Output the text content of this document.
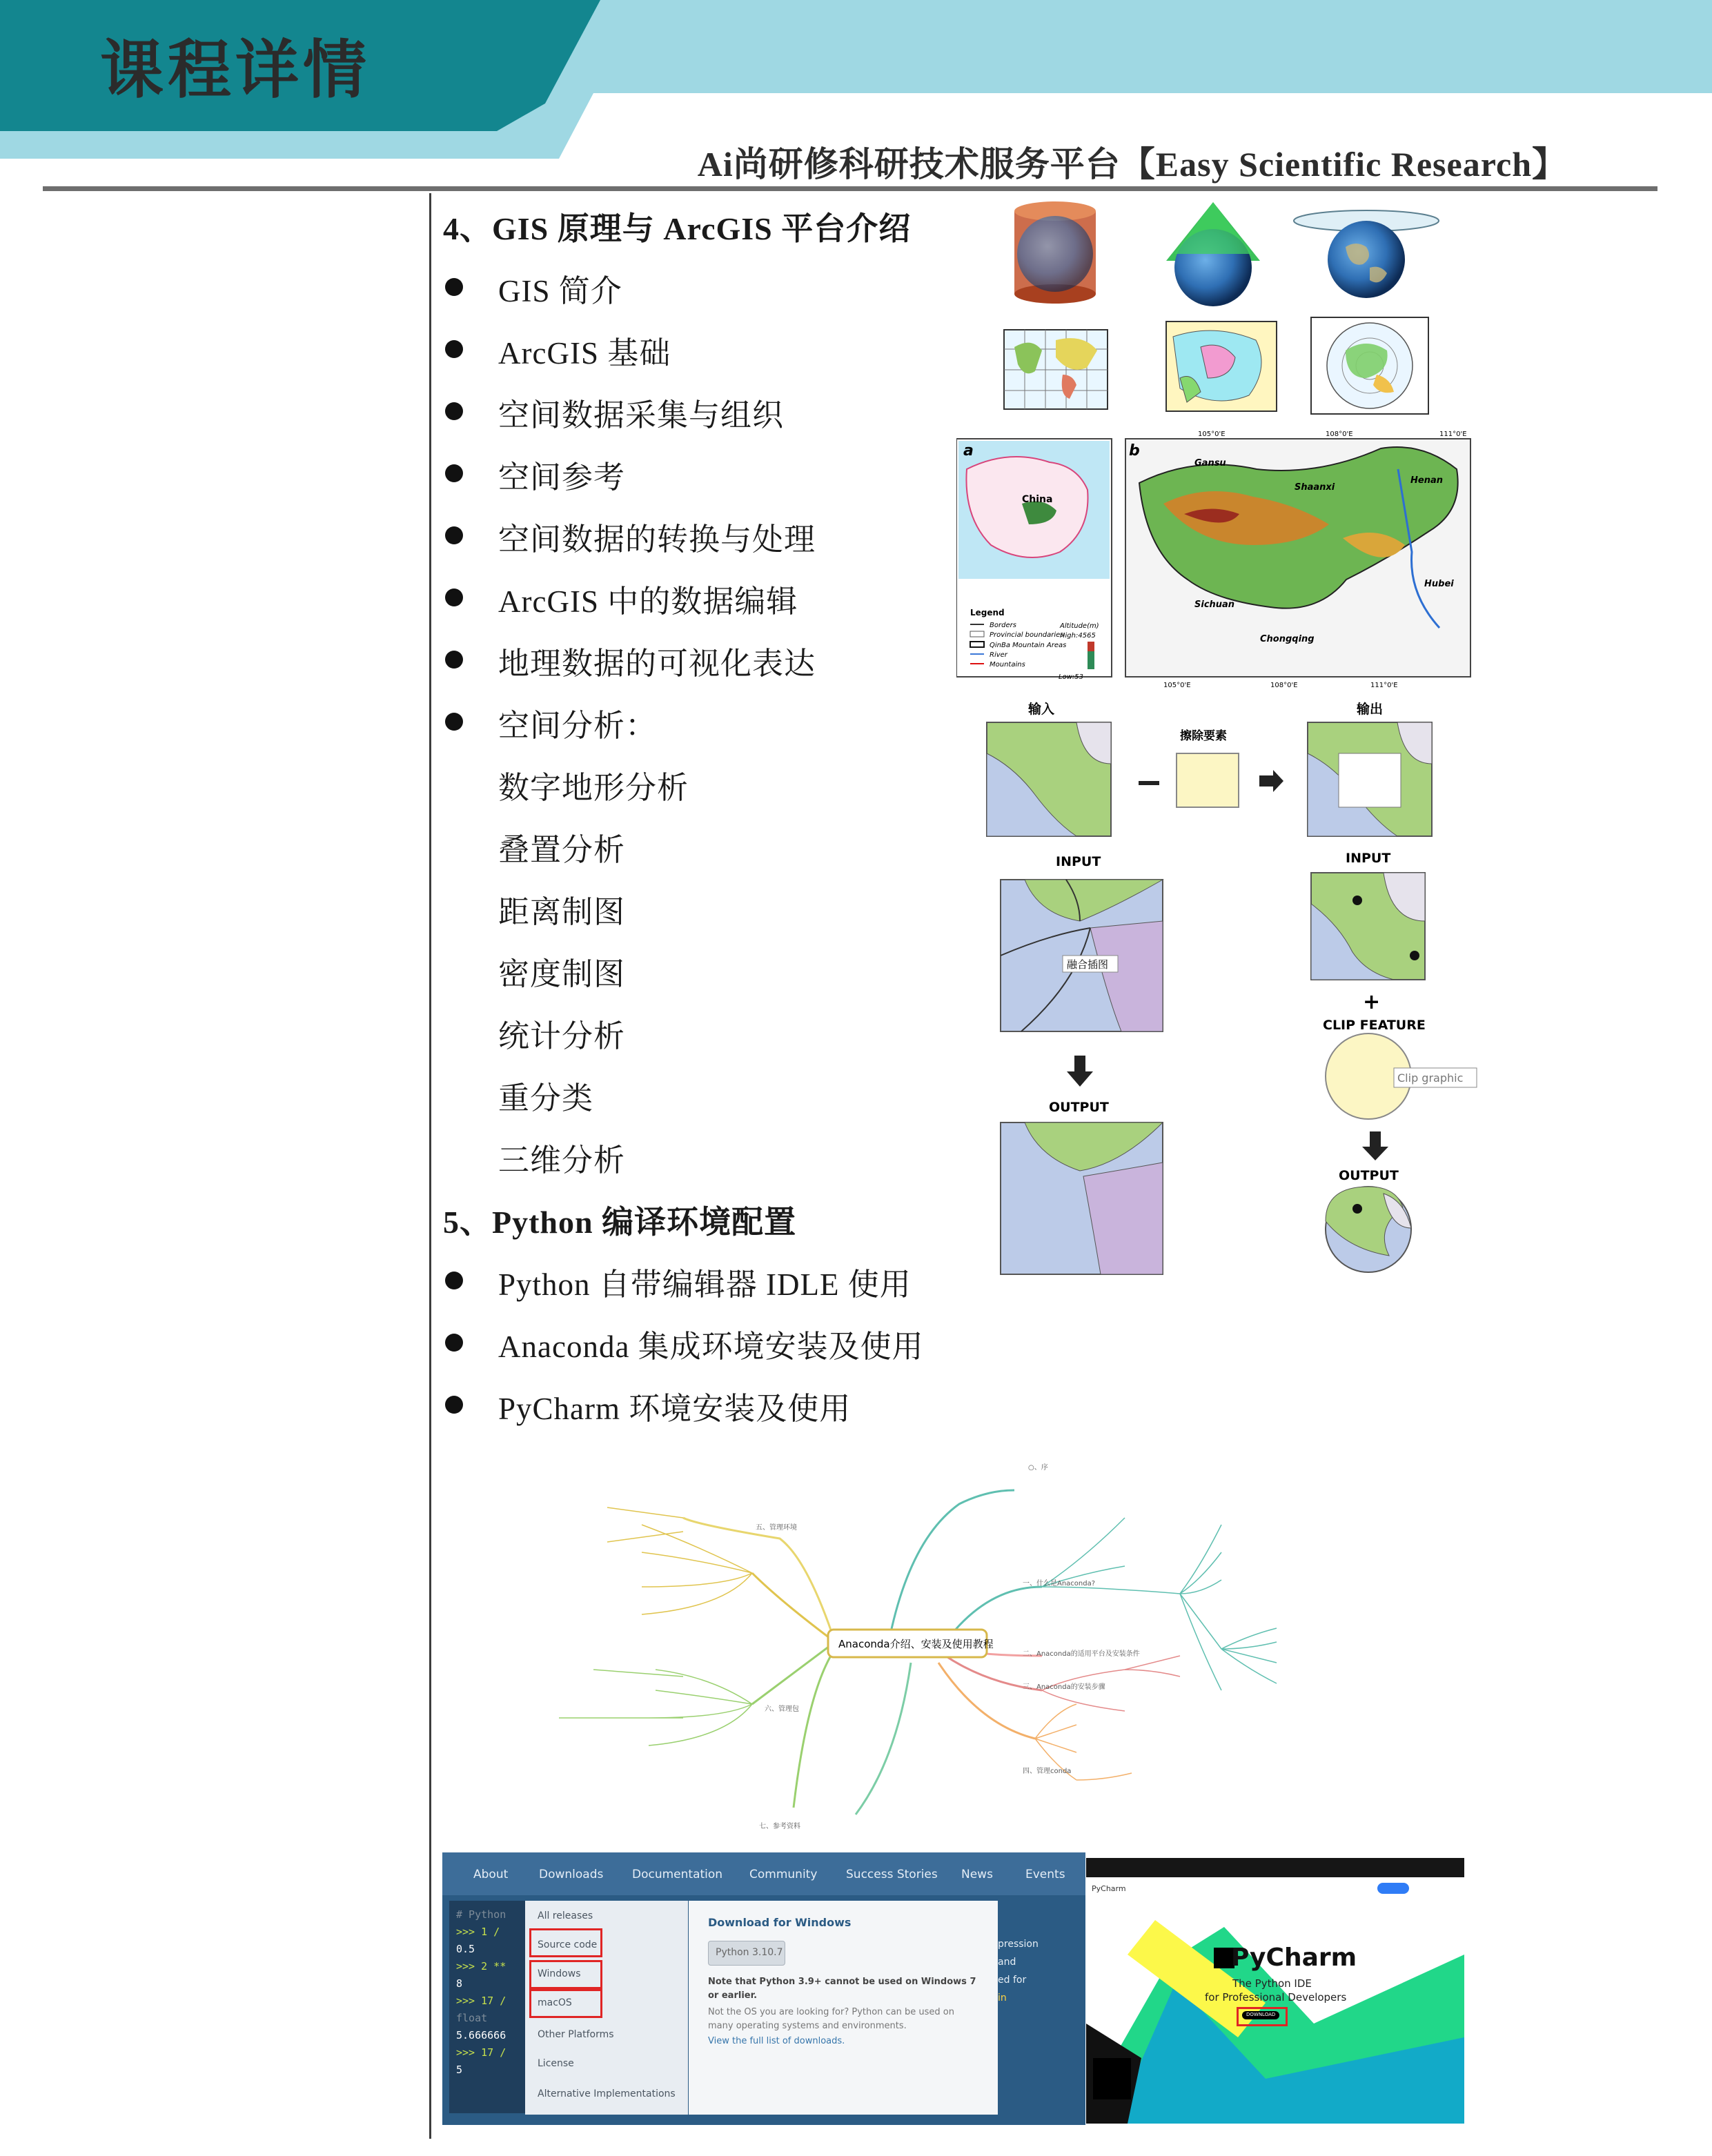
课程详情
Ai尚研修科研技术服务平台【Easy Scientific Research】
4、GIS 原理与 ArcGIS 平台介绍
GIS 简介
ArcGIS 基础
空间数据采集与组织
空间参考
空间数据的转换与处理
ArcGIS 中的数据编辑
地理数据的可视化表达
空间分析：
数字地形分析
叠置分析
距离制图
密度制图
统计分析
重分类
三维分析
5、Python 编译环境配置
Python 自带编辑器 IDLE 使用
Anaconda 集成环境安装及使用
PyCharm 环境安装及使用
a
China
Legend
Borders
Provincial boundaries
QinBa Mountain Areas
River
Mountains
Altitude(m)
High:4565
Low:53
b
Gansu
Shaanxi
Henan
Hubei
Sichuan
Chongqing
105°0'E	108°0'E	111°0'E
105°0'E	108°0'E	111°0'E
输入	输出
擦除要素
INPUT
融合插图
OUTPUT
INPUT
+
CLIP FEATURE
Clip graphic
OUTPUT
Anaconda介绍、安装及使用教程
一、什么是Anaconda?
二、Anaconda的适用平台及安装条件
三、Anaconda的安装步骤
四、管理conda
五、管理环境
六、管理包
七、参考资料
○、序
About	Downloads Documentation Community Success Stories News	Events
# Python
>>> 1 /
0.5
>>> 2 **
8
>>> 17 /
float
5.666666
>>> 17 /
5
All releases
Source code
Windows
macOS
Other Platforms
License
Alternative Implementations
Download for Windows
Python 3.10.7
Note that Python 3.9+ cannot be used on Windows 7 or earlier.
Not the OS you are looking for? Python can be used on many operating systems and environments.
View the full list of downloads.
pression
and
ed for
in
PyCharm
PyCharm
The Python IDE
for Professional Developers
DOWNLOAD
